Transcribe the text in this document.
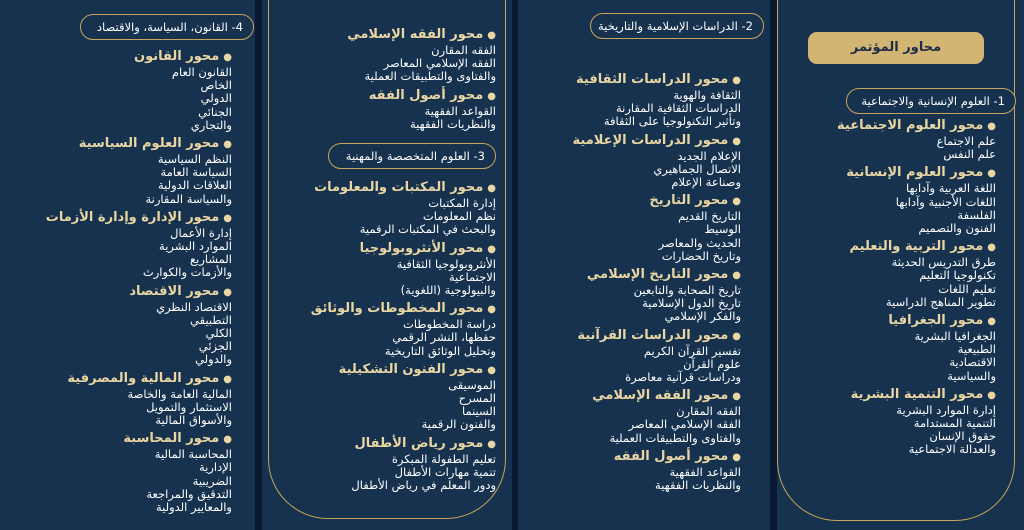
محاور المؤتمر
1- العلوم الإنسانية والاجتماعية
2- الدراسات الإسلامية والتاريخية
3- العلوم المتخصصة والمهنية
4- القانون، السياسة، والاقتصاد

●محور العلوم الاجتماعية

علم الاجتماع

علم النفس

●محور العلوم الإنسانية

اللغة العربية وآدابها

اللغات الأجنبية وآدابها

الفلسفة

الفنون والتصميم

●محور التربية والتعليم

طرق التدريس الحديثة

تكنولوجيا التعليم

تعليم اللغات

تطوير المناهج الدراسية

●محور الجغرافيا

الجغرافيا البشرية

الطبيعية

الاقتصادية

والسياسية

●محور التنمية البشرية

إدارة الموارد البشرية

التنمية المستدامة

حقوق الإنسان

والعدالة الاجتماعية

●محور الدراسات الثقافية

الثقافة والهوية

الدراسات الثقافية المقارنة

وتأثير التكنولوجيا على الثقافة

●محور الدراسات الإعلامية

الإعلام الجديد

الاتصال الجماهيري

وصناعة الإعلام

●محور التاريخ

التاريخ القديم

الوسيط

الحديث والمعاصر

وتاريخ الحضارات

●محور التاريخ الإسلامي

تاريخ الصحابة والتابعين

تاريخ الدول الإسلامية

والفكر الإسلامي

●محور الدراسات القرآنية

تفسير القرآن الكريم

علوم القرآن

ودراسات قرآنية معاصرة

●محور الفقه الإسلامي

الفقه المقارن

الفقه الإسلامي المعاصر

والفتاوى والتطبيقات العملية

●محور أصول الفقه

القواعد الفقهية

والنظريات الفقهية

●محور الفقه الإسلامي

الفقه المقارن

الفقه الإسلامي المعاصر

والفتاوى والتطبيقات العملية

●محور أصول الفقه

القواعد الفقهية

والنظريات الفقهية

●محور المكتبات والمعلومات

إدارة المكتبات

نظم المعلومات

والبحث في المكتبات الرقمية

●محور الأنثروبولوجيا

الأنثروبولوجيا الثقافية

الاجتماعية

والبيولوجية (اللغوية)

●محور المخطوطات والوثائق

دراسة المخطوطات

حفظها، النشر الرقمي

وتحليل الوثائق التاريخية

●محور الفنون التشكيلية

الموسيقى

المسرح

السينما

والفنون الرقمية

●محور رياض الأطفال

تعليم الطفولة المبكرة

تنمية مهارات الأطفال

ودور المعلم في رياض الأطفال

●محور القانون

القانون العام

الخاص

الدولي

الجنائي

والتجاري

●محور العلوم السياسية

النظم السياسية

السياسة العامة

العلاقات الدولية

والسياسة المقارنة

●محور الإدارة وإدارة الأزمات

إدارة الأعمال

الموارد البشرية

المشاريع

والأزمات والكوارث

●محور الاقتصاد

الاقتصاد النظري

التطبيقي

الكلي

الجزئي

والدولي

●محور المالية والمصرفية

المالية العامة والخاصة

الاستثمار والتمويل

والأسواق المالية

●محور المحاسبة

المحاسبة المالية

الإدارية

الضريبية

التدقيق والمراجعة

والمعايير الدولية
